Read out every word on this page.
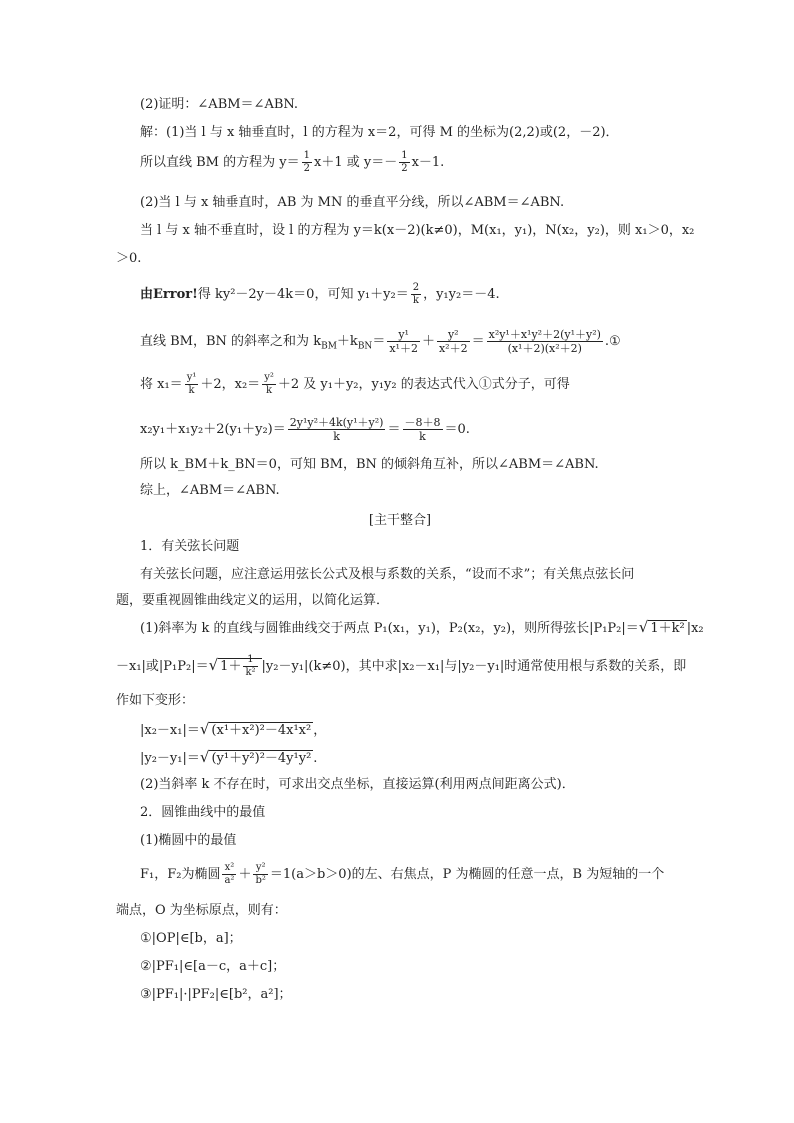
(2)证明：∠ABM＝∠ABN.
解：(1)当 l 与 x 轴垂直时，l 的方程为 x＝2，可得 M 的坐标为(2,2)或(2，－2)．
所以直线 BM 的方程为 $y= \frac{1}{2} x+1$ 或 $y=- \frac{1}{2} x-1$.
(2)当 l 与 x 轴垂直时，AB 为 MN 的垂直平分线，所以∠ABM＝∠ABN.
当 l 与 x 轴不垂直时，设 l 的方程为 y＝k(x－2)(k≠0)，M(x₁，y₁)，N(x₂，y₂)，则 x₁＞0，x₂
＞0.
由Error!得 ky²－2y－4k＝0，可知 $y_1+y_2= \frac{2}{k}$ ，y₁y₂＝－4.
直线 BM，BN 的斜率之和为 $k_{BM}+k_{BN}= \frac{\text{y¹}}{\text{x¹＋2}} + \frac{\text{y²}}{\text{x²＋2}} = \frac{\text{x²y¹＋x¹y²＋2(y¹＋y²)}}{\text{(x¹＋2)(x²＋2)}}$ .①
将 $x_1= \frac{\text{y¹}}{k} +2$，$x_2= \frac{\text{y²}}{k} +2$ 及 y₁＋y₂，y₁y₂ 的表达式代入①式分子，可得
$x_2y_1+x_1y_2+2(y_1+y_2)= \frac{\text{2y¹y²＋4k(y¹＋y²)}}{k} = \frac{-8+8}{k} =0$.
所以 k_BM＋k_BN＝0，可知 BM，BN 的倾斜角互补，所以∠ABM＝∠ABN.
综上，∠ABM＝∠ABN.
[主干整合]
1．有关弦长问题
有关弦长问题，应注意运用弦长公式及根与系数的关系，“设而不求”；有关焦点弦长问
题，要重视圆锥曲线定义的运用，以简化运算．
(1)斜率为 k 的直线与圆锥曲线交于两点 P₁(x₁，y₁)，P₂(x₂，y₂)，则所得弦长|P₁P₂|＝√ 1＋k² |x₂
－x₁|或|P₁P₂|＝√ $1+ \frac{1}{\text{k²}} |y_2-y_1|(k\ne 0)$，其中求|x₂－x₁|与|y₂－y₁|时通常使用根与系数的关系，即
作如下变形：
|x₂－x₁|＝√ (x¹＋x²)²－4x¹x² ，
|y₂－y₁|＝√ (y¹＋y²)²－4y¹y² .
(2)当斜率 k 不存在时，可求出交点坐标，直接运算(利用两点间距离公式)．
2．圆锥曲线中的最值
(1)椭圆中的最值
F₁，F₂为椭圆 $\frac{\text{x²}}{\text{a²}} + \frac{\text{y²}}{\text{b²}} =1(a>b>0)$的左、右焦点，P 为椭圆的任意一点，B 为短轴的一个
端点，O 为坐标原点，则有：
①|OP|∈[b，a]；
②|PF₁|∈[a－c，a＋c]；
③|PF₁|·|PF₂|∈[b²，a²]；
